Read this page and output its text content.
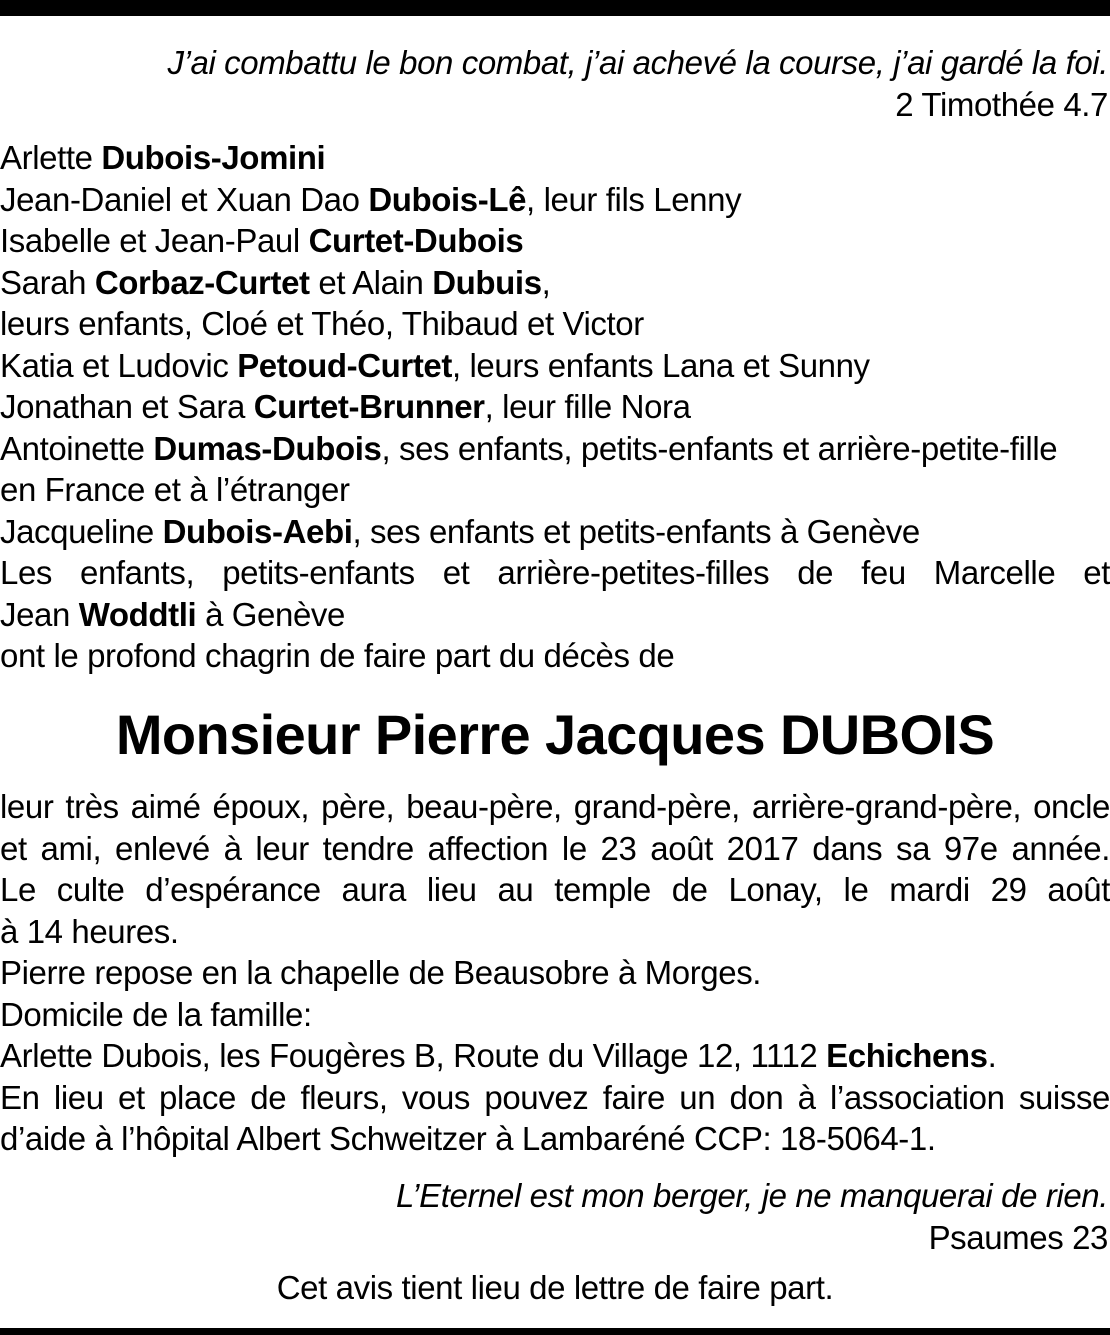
J’ai combattu le bon combat, j’ai achevé la course, j’ai gardé la foi.
2 Timothée 4.7
Arlette Dubois-Jomini
Jean-Daniel et Xuan Dao Dubois-Lê, leur fils Lenny
Isabelle et Jean-Paul Curtet-Dubois
Sarah Corbaz-Curtet et Alain Dubuis,
leurs enfants, Cloé et Théo, Thibaud et Victor
Katia et Ludovic Petoud-Curtet, leurs enfants Lana et Sunny
Jonathan et Sara Curtet-Brunner, leur fille Nora
Antoinette Dumas-Dubois, ses enfants, petits-enfants et arrière-petite-fille
en France et à l’étranger
Jacqueline Dubois-Aebi, ses enfants et petits-enfants à Genève
Les enfants, petits-enfants et arrière-petites-filles de feu Marcelle et
Jean Woddtli à Genève
ont le profond chagrin de faire part du décès de
Monsieur Pierre Jacques DUBOIS
leur très aimé époux, père, beau-père, grand-père, arrière-grand-père, oncle
et ami, enlevé à leur tendre affection le 23 août 2017 dans sa 97e année.
Le culte d’espérance aura lieu au temple de Lonay, le mardi 29 août
à 14 heures.
Pierre repose en la chapelle de Beausobre à Morges.
Domicile de la famille:
Arlette Dubois, les Fougères B, Route du Village 12, 1112 Echichens.
En lieu et place de fleurs, vous pouvez faire un don à l’association suisse
d’aide à l’hôpital Albert Schweitzer à Lambaréné CCP: 18-5064-1.
L’Eternel est mon berger, je ne manquerai de rien.
Psaumes 23
Cet avis tient lieu de lettre de faire part.
